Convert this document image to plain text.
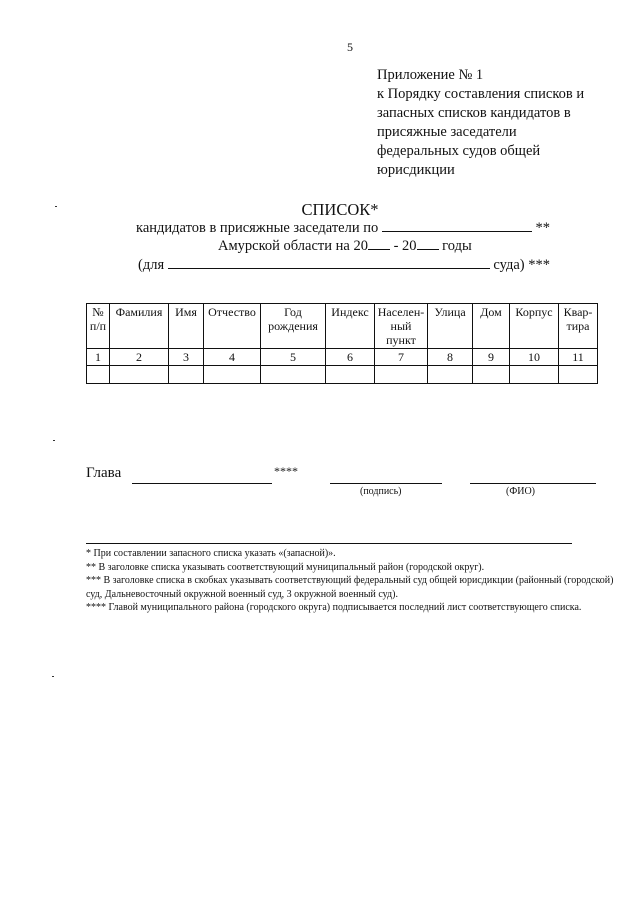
5
Приложение № 1
к Порядку составления списков и
запасных списков кандидатов в
присяжные заседатели
федеральных судов общей
юрисдикции
СПИСОК*
кандидатов в присяжные заседатели по	**
Амурской области на 20 - 20 годы
(для	суда) ***
№ п/п	Фамилия	Имя	Отчество	Год рождения	Индекс	Населен-ный пункт	Улица	Дом	Корпус	Квар-тира
1	2	3	4	5	6	7	8	9	10	11

Глава	****
(подпись)	(ФИО)
* При составлении запасного списка указать «(запасной)».
** В заголовке списка указывать соответствующий муниципальный район (городской округ).
*** В заголовке списка в скобках указывать соответствующий федеральный суд общей юрисдикции (районный (городской) суд, Дальневосточный окружной военный суд, 3 окружной военный суд).
**** Главой муниципального района (городского округа) подписывается последний лист соответствующего списка.
